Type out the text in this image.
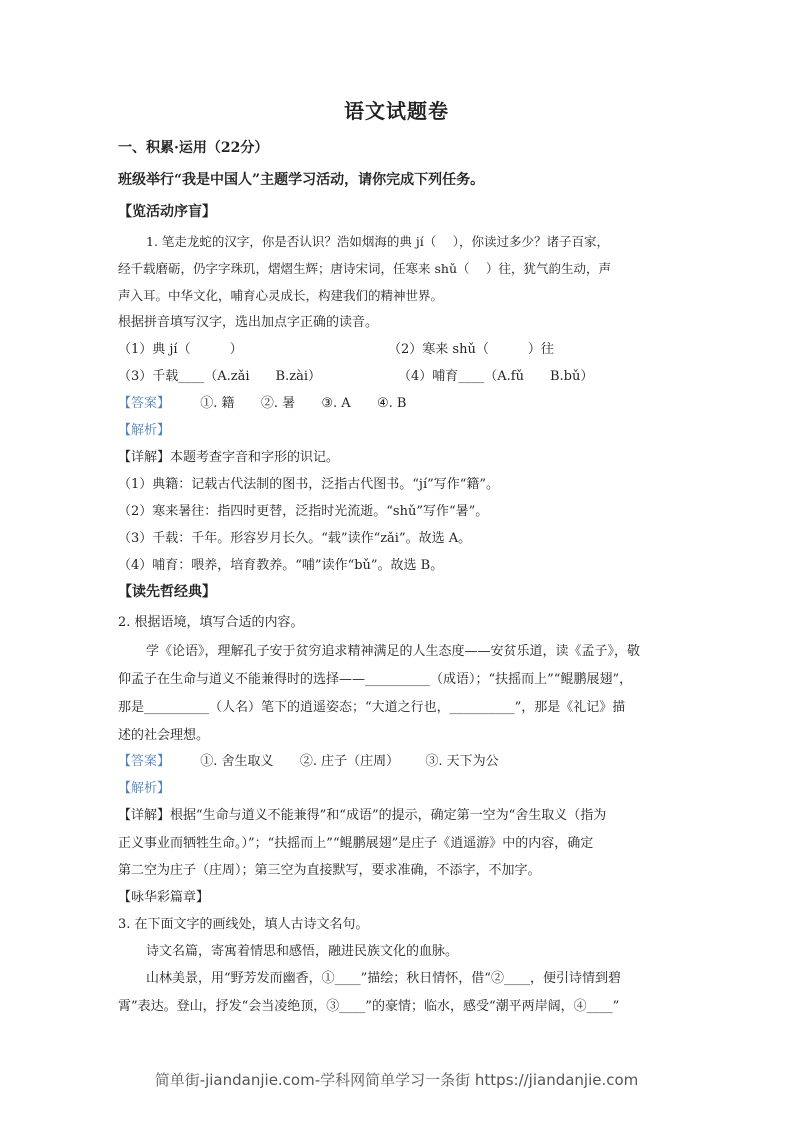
语文试题卷
一、积累·运用（22分）
班级举行“我是中国人”主题学习活动，请你完成下列任务。
【览活动序盲】
1. 笔走龙蛇的汉字，你是否认识？浩如烟海的典 jí（　 ），你读过多少？诸子百家，
经千载磨砺，仍字字珠玑，熠熠生辉；唐诗宋词，任寒来 shǔ（　 ）往，犹气韵生动，声
声入耳。中华文化，哺育心灵成长，构建我们的精神世界。
根据拼音填写汉字，选出加点字正确的读音。
（1）典 jí（　　　）	（2）寒来 shǔ（　　　）往
（3）千载____（A.zǎi　　B.zài）	（4）哺育____（A.fǔ　　B.bǔ）
【答案】 ①. 籍 ②. 暑 ③. A ④. B
【解析】
【详解】本题考查字音和字形的识记。
（1）典籍：记载古代法制的图书，泛指古代图书。“jí”写作“籍”。
（2）寒来暑往：指四时更替，泛指时光流逝。“shǔ”写作“暑”。
（3）千载：千年。形容岁月长久。“载”读作“zǎi”。故选 A。
（4）哺育：喂养，培育教养。“哺”读作“bǔ”。故选 B。
【读先哲经典】
2. 根据语境，填写合适的内容。
学《论语》，理解孔子安于贫穷追求精神满足的人生态度——安贫乐道，读《孟子》，敬
仰孟子在生命与道义不能兼得时的选择——__________（成语）；“扶摇而上”“鲲鹏展翅”，
那是__________（人名）笔下的逍遥姿态；“大道之行也，__________”，那是《礼记》描
述的社会理想。
【答案】 ①. 舍生取义 ②. 庄子（庄周） ③. 天下为公
【解析】
【详解】根据“生命与道义不能兼得”和“成语”的提示，确定第一空为“舍生取义（指为
正义事业而牺牲生命。）”；“扶摇而上”“鲲鹏展翅”是庄子《逍遥游》中的内容，确定
第二空为庄子（庄周）；第三空为直接默写，要求准确，不添字，不加字。
【咏华彩篇章】
3. 在下面文字的画线处，填人古诗文名句。
诗文名篇，寄寓着情思和感悟，融进民族文化的血脉。
山林美景，用“野芳发而幽香，①____”描绘；秋日情怀，借“②____，便引诗情到碧
霄”表达。登山，抒发“会当凌绝顶，③____”的豪情；临水，感受“潮平两岸阔，④____”
简单街-jiandanjie.com-学科网简单学习一条街 https://jiandanjie.com
